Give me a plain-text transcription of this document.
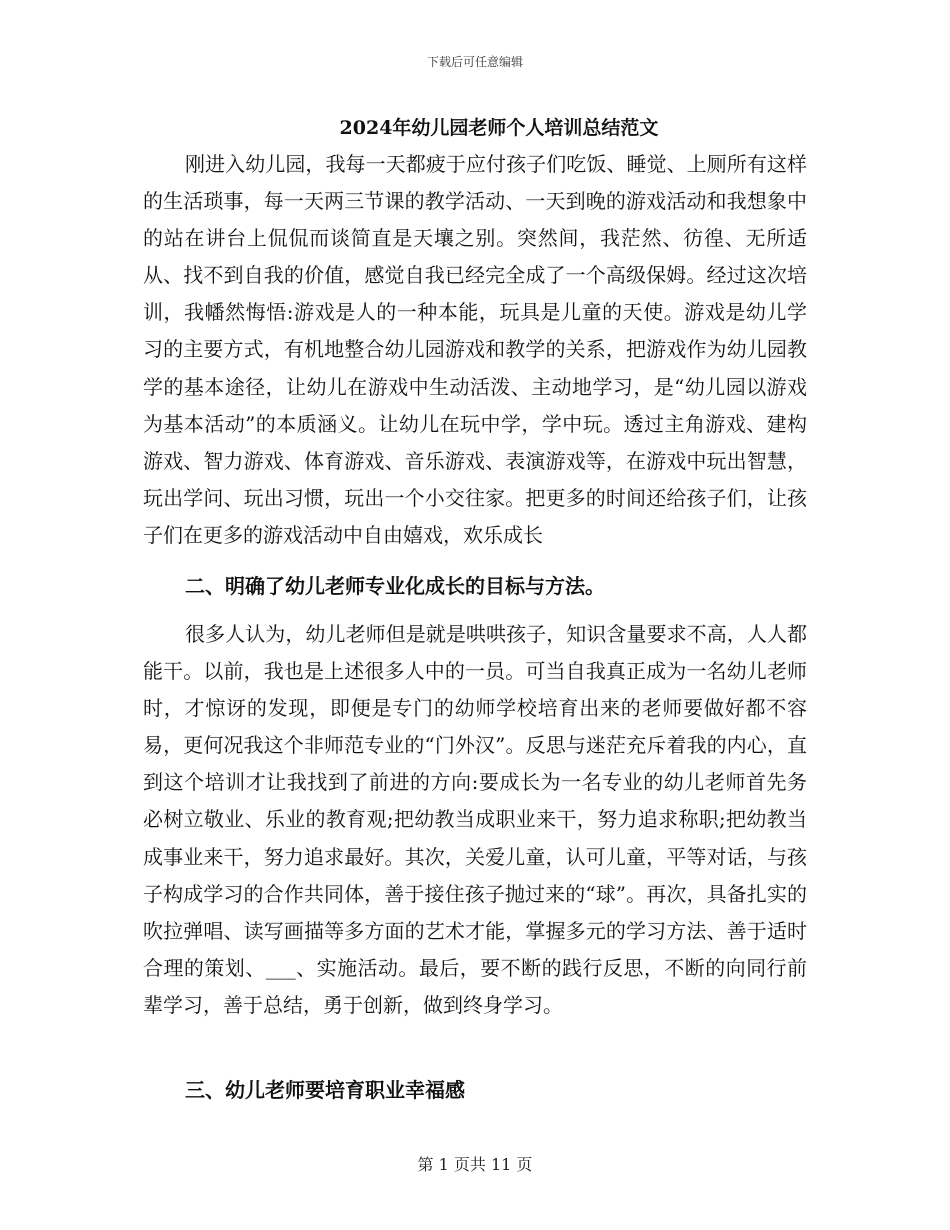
下载后可任意编辑
2024年幼儿园老师个人培训总结范文

刚进入幼儿园，我每一天都疲于应付孩子们吃饭、睡觉、上厕所有这样的生活琐事，每一天两三节课的教学活动、一天到晚的游戏活动和我想象中的站在讲台上侃侃而谈简直是天壤之别。突然间，我茫然、彷徨、无所适从、找不到自我的价值，感觉自我已经完全成了一个高级保姆。经过这次培训，我幡然悔悟:游戏是人的一种本能，玩具是儿童的天使。游戏是幼儿学习的主要方式，有机地整合幼儿园游戏和教学的关系，把游戏作为幼儿园教学的基本途径，让幼儿在游戏中生动活泼、主动地学习，是“幼儿园以游戏为基本活动”的本质涵义。让幼儿在玩中学，学中玩。透过主角游戏、建构游戏、智力游戏、体育游戏、音乐游戏、表演游戏等，在游戏中玩出智慧，玩出学问、玩出习惯，玩出一个小交往家。把更多的时间还给孩子们，让孩子们在更多的游戏活动中自由嬉戏，欢乐成长

二、明确了幼儿老师专业化成长的目标与方法。

很多人认为，幼儿老师但是就是哄哄孩子，知识含量要求不高，人人都能干。以前，我也是上述很多人中的一员。可当自我真正成为一名幼儿老师时，才惊讶的发现，即便是专门的幼师学校培育出来的老师要做好都不容易，更何况我这个非师范专业的“门外汉”。反思与迷茫充斥着我的内心，直到这个培训才让我找到了前进的方向:要成长为一名专业的幼儿老师首先务必树立敬业、乐业的教育观;把幼教当成职业来干，努力追求称职;把幼教当成事业来干，努力追求最好。其次，关爱儿童，认可儿童，平等对话，与孩子构成学习的合作共同体，善于接住孩子抛过来的“球”。再次，具备扎实的吹拉弹唱、读写画描等多方面的艺术才能，掌握多元的学习方法、善于适时合理的策划、___、实施活动。最后，要不断的践行反思，不断的向同行前辈学习，善于总结，勇于创新，做到终身学习。

三、幼儿老师要培育职业幸福感
第 1 页共 11 页
